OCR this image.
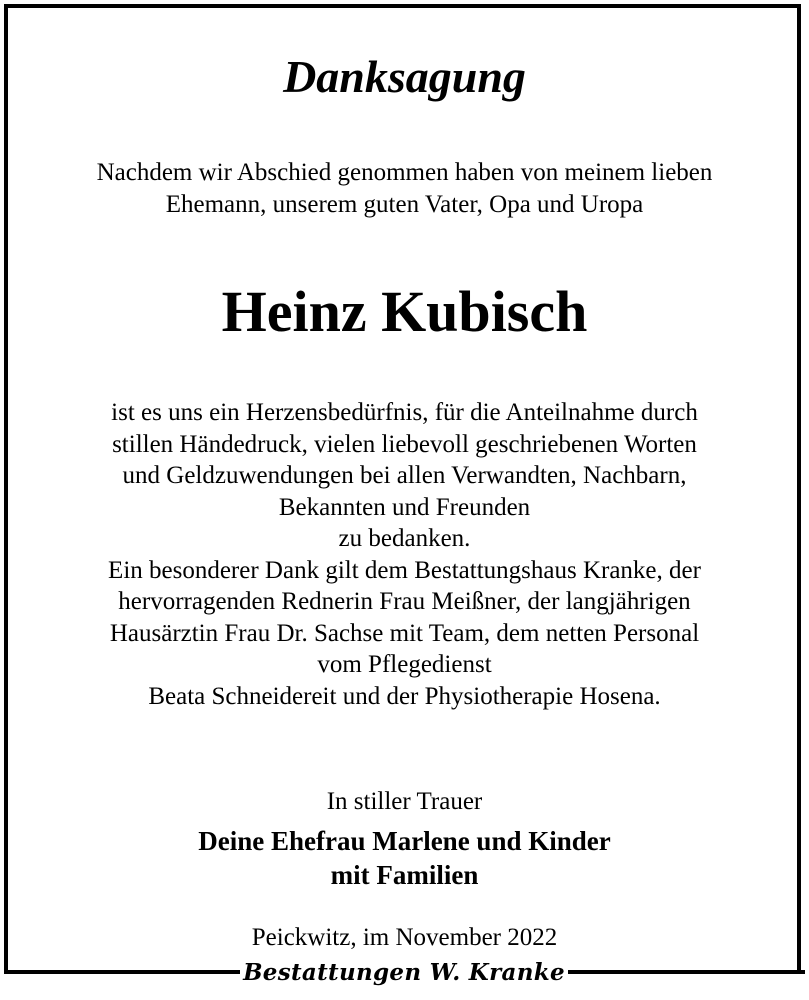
Danksagung
Nachdem wir Abschied genommen haben von meinem lieben
Ehemann, unserem guten Vater, Opa und Uropa
Heinz Kubisch
ist es uns ein Herzensbedürfnis, für die Anteilnahme durch
stillen Händedruck, vielen liebevoll geschriebenen Worten
und Geldzuwendungen bei allen Verwandten, Nachbarn,
Bekannten und Freunden
zu bedanken.
Ein besonderer Dank gilt dem Bestattungshaus Kranke, der
hervorragenden Rednerin Frau Meißner, der langjährigen
Hausärztin Frau Dr. Sachse mit Team, dem netten Personal
vom Pflegedienst
Beata Schneidereit und der Physiotherapie Hosena.
In stiller Trauer
Deine Ehefrau Marlene und Kinder
mit Familien
Peickwitz, im November 2022
Bestattungen W. Kranke
